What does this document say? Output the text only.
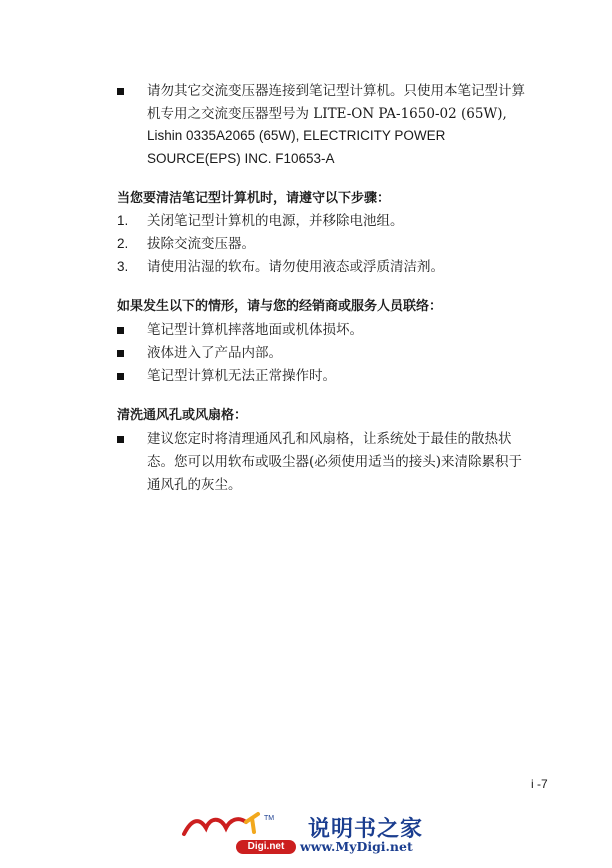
请勿其它交流变压器连接到笔记型计算机。只使用本笔记型计算
机专用之交流变压器型号为 LITE-ON PA-1650-02 (65W),
Lishin 0335A2065 (65W), ELECTRICITY POWER
SOURCE(EPS) INC. F10653-A
当您要清洁笔记型计算机时，请遵守以下步骤：
1. 关闭笔记型计算机的电源，并移除电池组。
2. 拔除交流变压器。
3. 请使用沾湿的软布。请勿使用液态或浮质清洁剂。
如果发生以下的情形，请与您的经销商或服务人员联络：
笔记型计算机摔落地面或机体损坏。
液体进入了产品内部。
笔记型计算机无法正常操作时。
清洗通风孔或风扇格：
建议您定时将清理通风孔和风扇格，让系统处于最佳的散热状
态。您可以用软布或吸尘器(必须使用适当的接头)来清除累积于
通风孔的灰尘。
i -7
TM
Digi.net
说明书之家
www.MyDigi.net
